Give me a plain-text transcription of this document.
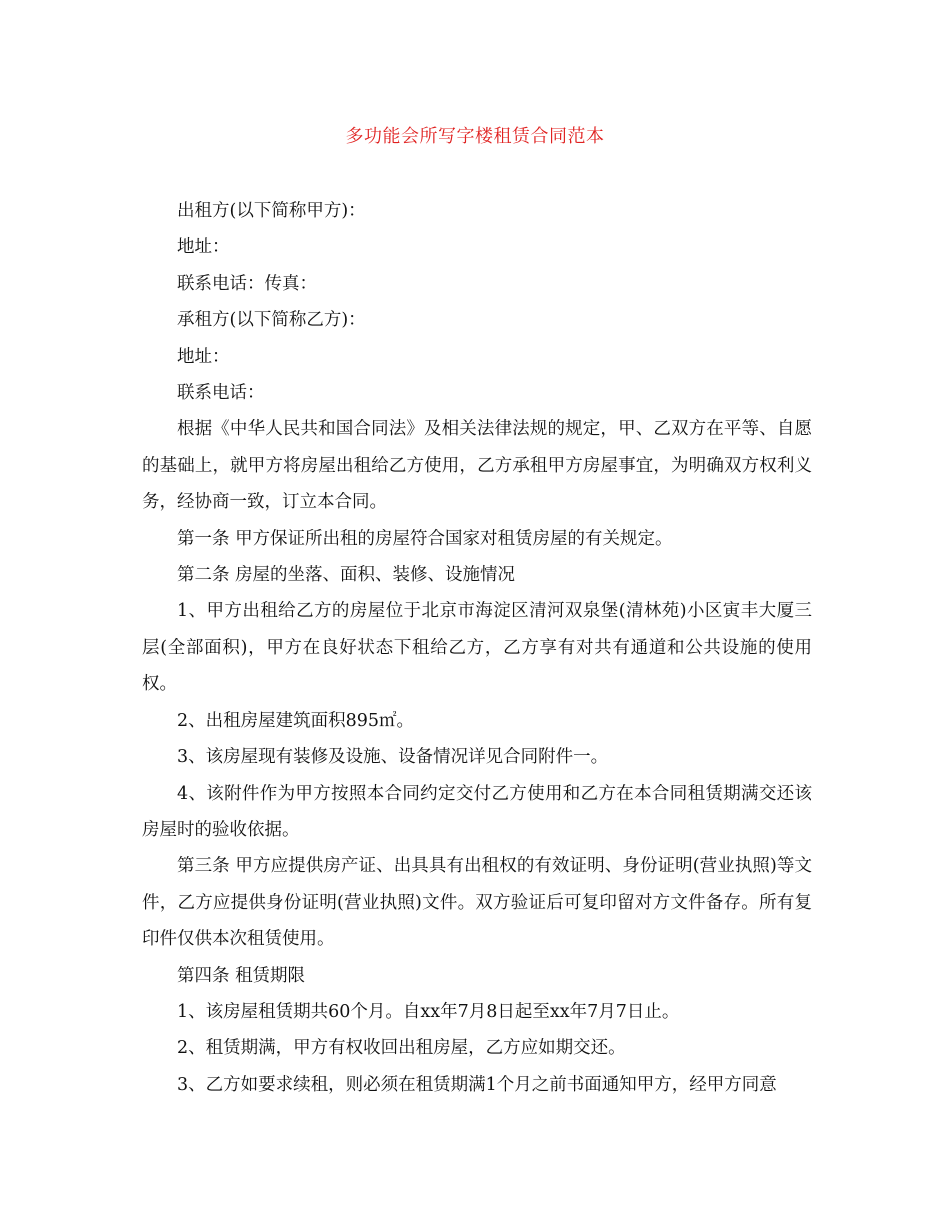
多功能会所写字楼租赁合同范本

出租方(以下简称甲方)：

地址：

联系电话：传真：

承租方(以下简称乙方)：

地址：

联系电话：

根据《中华人民共和国合同法》及相关法律法规的规定，甲、乙双方在平等、自愿的基础上，就甲方将房屋出租给乙方使用，乙方承租甲方房屋事宜，为明确双方权利义务，经协商一致，订立本合同。

第一条 甲方保证所出租的房屋符合国家对租赁房屋的有关规定。

第二条 房屋的坐落、面积、装修、设施情况

1、甲方出租给乙方的房屋位于北京市海淀区清河双泉堡(清林苑)小区寅丰大厦三层(全部面积)，甲方在良好状态下租给乙方，乙方享有对共有通道和公共设施的使用权。

2、出租房屋建筑面积895㎡。

3、该房屋现有装修及设施、设备情况详见合同附件一。

4、该附件作为甲方按照本合同约定交付乙方使用和乙方在本合同租赁期满交还该房屋时的验收依据。

第三条 甲方应提供房产证、出具具有出租权的有效证明、身份证明(营业执照)等文件，乙方应提供身份证明(营业执照)文件。双方验证后可复印留对方文件备存。所有复印件仅供本次租赁使用。

第四条 租赁期限

1、该房屋租赁期共60个月。自xx年7月8日起至xx年7月7日止。

2、租赁期满，甲方有权收回出租房屋，乙方应如期交还。

3、乙方如要求续租，则必须在租赁期满1个月之前书面通知甲方，经甲方同意
